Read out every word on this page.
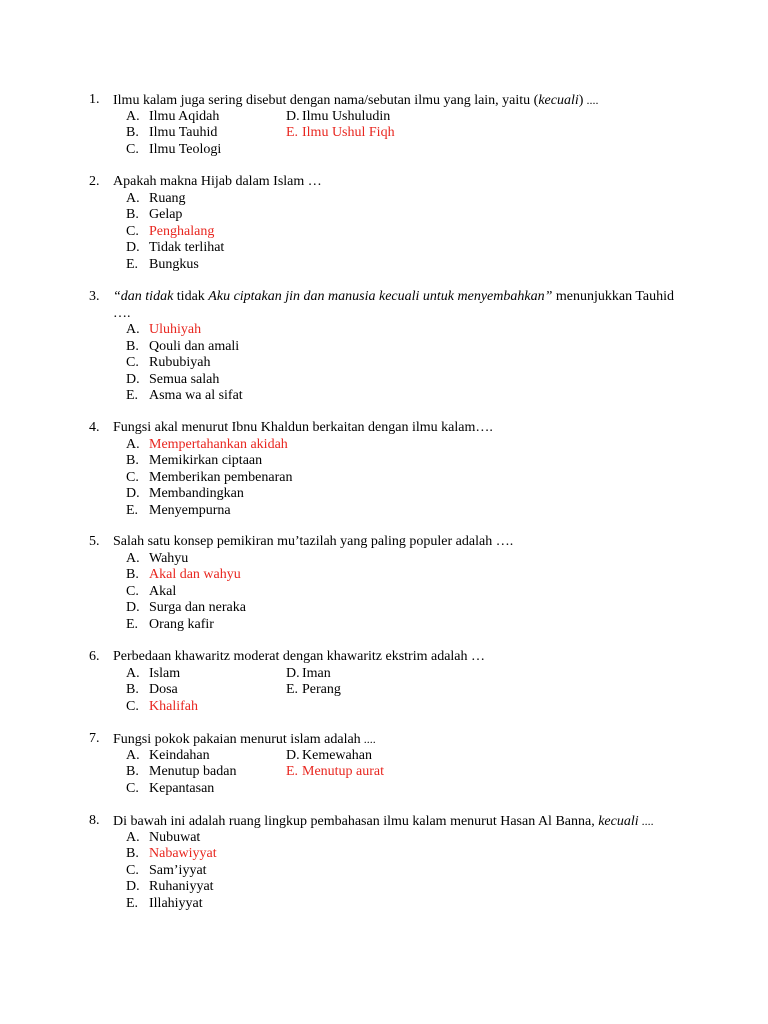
1. Ilmu kalam juga sering disebut dengan nama/sebutan ilmu yang lain, yaitu (kecuali) ....
A. Ilmu Aqidah	D. Ilmu Ushuludin
B. Ilmu Tauhid	E. Ilmu Ushul Fiqh
C. Ilmu Teologi
2. Apakah makna Hijab dalam Islam …
A. Ruang
B. Gelap
C. Penghalang
D. Tidak terlihat
E. Bungkus
3. “dan tidak tidak Aku ciptakan jin dan manusia kecuali untuk menyembahkan” menunjukkan Tauhid
….
A. Uluhiyah
B. Qouli dan amali
C. Rububiyah
D. Semua salah
E. Asma wa al sifat
4. Fungsi akal menurut Ibnu Khaldun berkaitan dengan ilmu kalam….
A. Mempertahankan akidah
B. Memikirkan ciptaan
C. Memberikan pembenaran
D. Membandingkan
E. Menyempurna
5. Salah satu konsep pemikiran mu’tazilah yang paling populer adalah ….
A. Wahyu
B. Akal dan wahyu
C. Akal
D. Surga dan neraka
E. Orang kafir
6. Perbedaan khawaritz moderat dengan khawaritz ekstrim adalah …
A. Islam	D. Iman
B. Dosa	E. Perang
C. Khalifah
7. Fungsi pokok pakaian menurut islam adalah ....
A. Keindahan	D. Kemewahan
B. Menutup badan	E. Menutup aurat
C. Kepantasan
8. Di bawah ini adalah ruang lingkup pembahasan ilmu kalam menurut Hasan Al Banna, kecuali ....
A. Nubuwat
B. Nabawiyyat
C. Sam’iyyat
D. Ruhaniyyat
E. Illahiyyat
